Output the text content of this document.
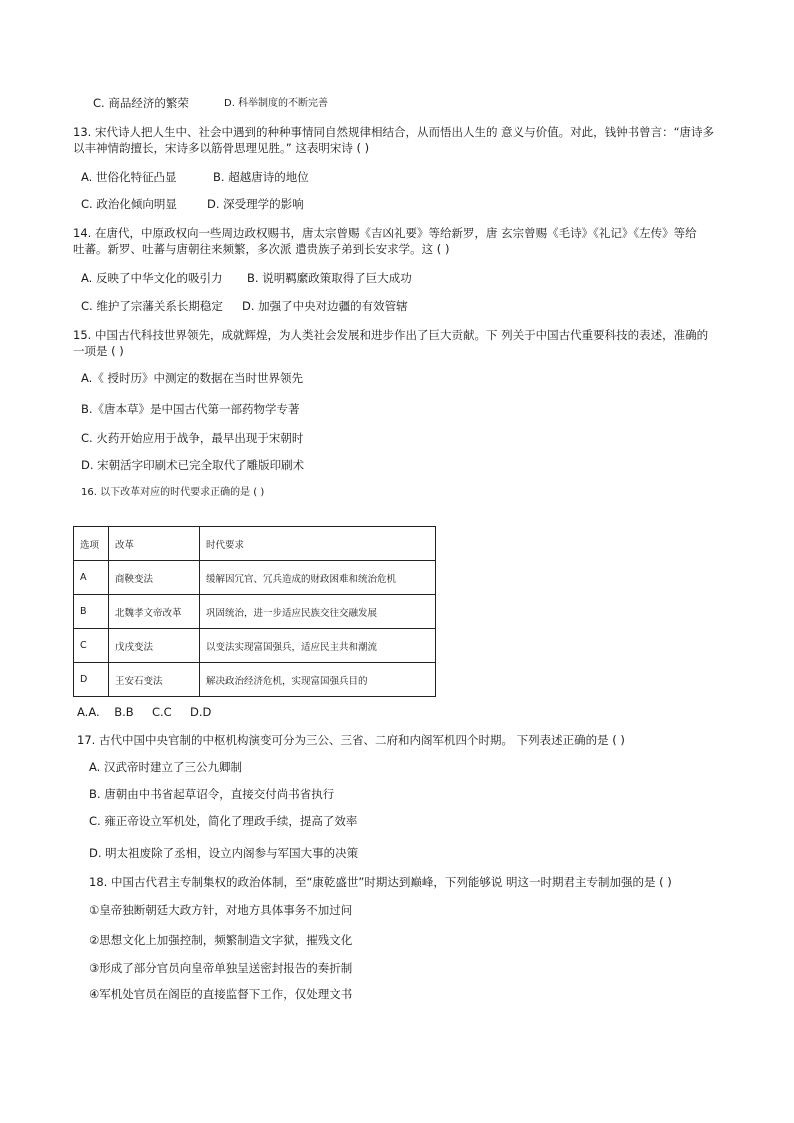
C. 商品经济的繁荣	D. 科举制度的不断完善
13. 宋代诗人把人生中、社会中遇到的种种事情同自然规律相结合，从而悟出人生的 意义与价值。对此，钱钟书曾言：“唐诗多
以丰神情韵擅长，宋诗多以筋骨思理见胜。” 这表明宋诗 ( )
A. 世俗化特征凸显	B. 超越唐诗的地位
C. 政治化倾向明显	D. 深受理学的影响
14. 在唐代，中原政权向一些周边政权赐书，唐太宗曾赐《吉凶礼要》等给新罗，唐 玄宗曾赐《毛诗》《礼记》《左传》等给
吐蕃。新罗、吐蕃与唐朝往来频繁，多次派 遣贵族子弟到长安求学。这 ( )
A. 反映了中华文化的吸引力 B. 说明羁縻政策取得了巨大成功
C. 维护了宗藩关系长期稳定 D. 加强了中央对边疆的有效管辖
15. 中国古代科技世界领先，成就辉煌，为人类社会发展和进步作出了巨大贡献。下 列关于中国古代重要科技的表述，准确的
一项是 ( )
A.《 授时历》中测定的数据在当时世界领先
B.《唐本草》是中国古代第一部药物学专著
C. 火药开始应用于战争，最早出现于宋朝时
D. 宋朝活字印刷术已完全取代了雕版印刷术
16. 以下改革对应的时代要求正确的是 ( )
选项	改革	时代要求
A	商鞅变法	缓解因冗官、冗兵造成的财政困难和统治危机
B	北魏孝文帝改革	巩固统治，进一步适应民族交往交融发展
C	戊戌变法	以变法实现富国强兵，适应民主共和潮流
D	王安石变法	解决政治经济危机，实现富国强兵目的
A.A.    B.B     C.C     D.D
17. 古代中国中央官制的中枢机构演变可分为三公、三省、二府和内阁军机四个时期。 下列表述正确的是 ( )
A. 汉武帝时建立了三公九卿制
B. 唐朝由中书省起草诏令，直接交付尚书省执行
C. 雍正帝设立军机处，简化了理政手续，提高了效率
D. 明太祖废除了丞相，设立内阁参与军国大事的决策
18. 中国古代君主专制集权的政治体制，至“康乾盛世”时期达到巅峰，下列能够说 明这一时期君主专制加强的是 ( )
①皇帝独断朝廷大政方针，对地方具体事务不加过问
②思想文化上加强控制，频繁制造文字狱，摧残文化
③形成了部分官员向皇帝单独呈送密封报告的奏折制
④军机处官员在阁臣的直接监督下工作，仅处理文书
